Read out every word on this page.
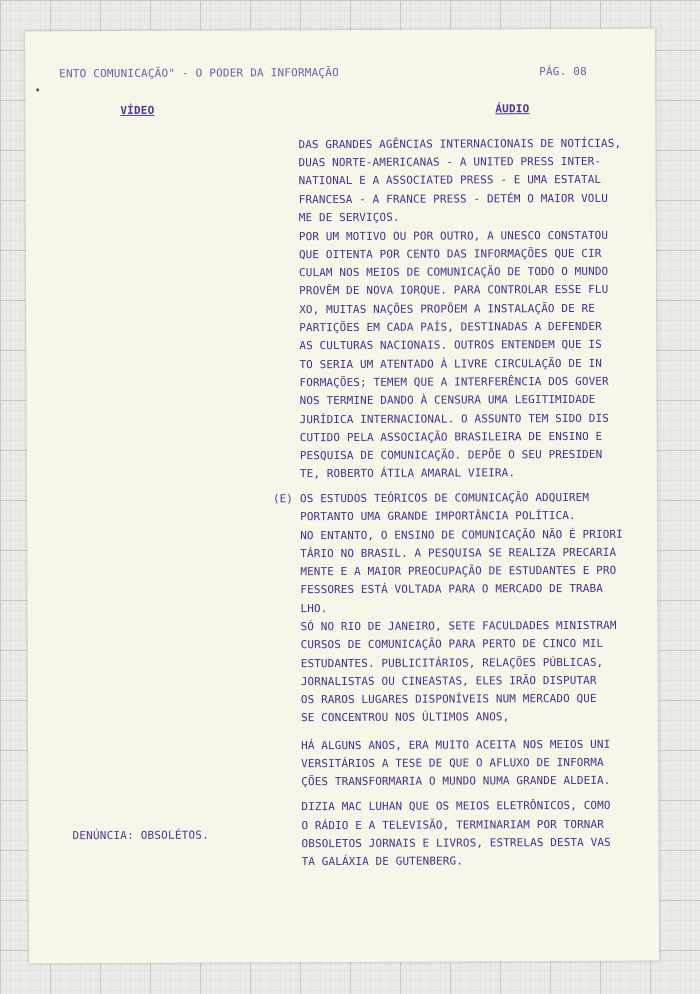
ENTO COMUNICAÇÃO" - O PODER DA INFORMAÇÃO	PÁG. 08
VÍDEO	ÁUDIO
(E)
DENÚNCIA: OBSOLÉTOS.
DAS GRANDES AGÊNCIAS INTERNACIONAIS DE NOTÍCIAS,
DUAS NORTE-AMERICANAS - A UNITED PRESS INTER-
NATIONAL E A ASSOCIATED PRESS - E UMA ESTATAL
FRANCESA - A FRANCE PRESS - DETÉM O MAIOR VOLU
ME DE SERVIÇOS.
POR UM MOTIVO OU POR OUTRO, A UNESCO CONSTATOU
QUE OITENTA POR CENTO DAS INFORMAÇÕES QUE CIR
CULAM NOS MEIOS DE COMUNICAÇÃO DE TODO O MUNDO
PROVÊM DE NOVA IORQUE. PARA CONTROLAR ESSE FLU
XO, MUITAS NAÇÕES PROPÕEM A INSTALAÇÃO DE RE
PARTIÇÕES EM CADA PAÍS, DESTINADAS A DEFENDER
AS CULTURAS NACIONAIS. OUTROS ENTENDEM QUE IS
TO SERIA UM ATENTADO À LIVRE CIRCULAÇÃO DE IN
FORMAÇÕES; TEMEM QUE A INTERFERÊNCIA DOS GOVER
NOS TERMINE DANDO À CENSURA UMA LEGITIMIDADE
JURÍDICA INTERNACIONAL. O ASSUNTO TEM SIDO DIS
CUTIDO PELA ASSOCIAÇÃO BRASILEIRA DE ENSINO E
PESQUISA DE COMUNICAÇÃO. DEPÕE O SEU PRESIDEN
TE, ROBERTO ÁTILA AMARAL VIEIRA.
OS ESTUDOS TEÓRICOS DE COMUNICAÇÃO ADQUIREM
PORTANTO UMA GRANDE IMPORTÂNCIA POLÍTICA.
NO ENTANTO, O ENSINO DE COMUNICAÇÃO NÃO É PRIORI
TÁRIO NO BRASIL. A PESQUISA SE REALIZA PRECARIA
MENTE E A MAIOR PREOCUPAÇÃO DE ESTUDANTES E PRO
FESSORES ESTÁ VOLTADA PARA O MERCADO DE TRABA
LHO.
SÓ NO RIO DE JANEIRO, SETE FACULDADES MINISTRAM
CURSOS DE COMUNICAÇÃO PARA PERTO DE CINCO MIL
ESTUDANTES. PUBLICITÁRIOS, RELAÇÕES PÚBLICAS,
JORNALISTAS OU CINEASTAS, ELES IRÃO DISPUTAR
OS RAROS LUGARES DISPONÍVEIS NUM MERCADO QUE
SE CONCENTROU NOS ÚLTIMOS ANOS,
HÁ ALGUNS ANOS, ERA MUITO ACEITA NOS MEIOS UNI
VERSITÁRIOS A TESE DE QUE O AFLUXO DE INFORMA
ÇÕES TRANSFORMARIA O MUNDO NUMA GRANDE ALDEIA.
DIZIA MAC LUHAN QUE OS MEIOS ELETRÔNICOS, COMO
O RÁDIO E A TELEVISÃO, TERMINARIAM POR TORNAR
OBSOLETOS JORNAIS E LIVROS, ESTRELAS DESTA VAS
TA GALÁXIA DE GUTENBERG.
